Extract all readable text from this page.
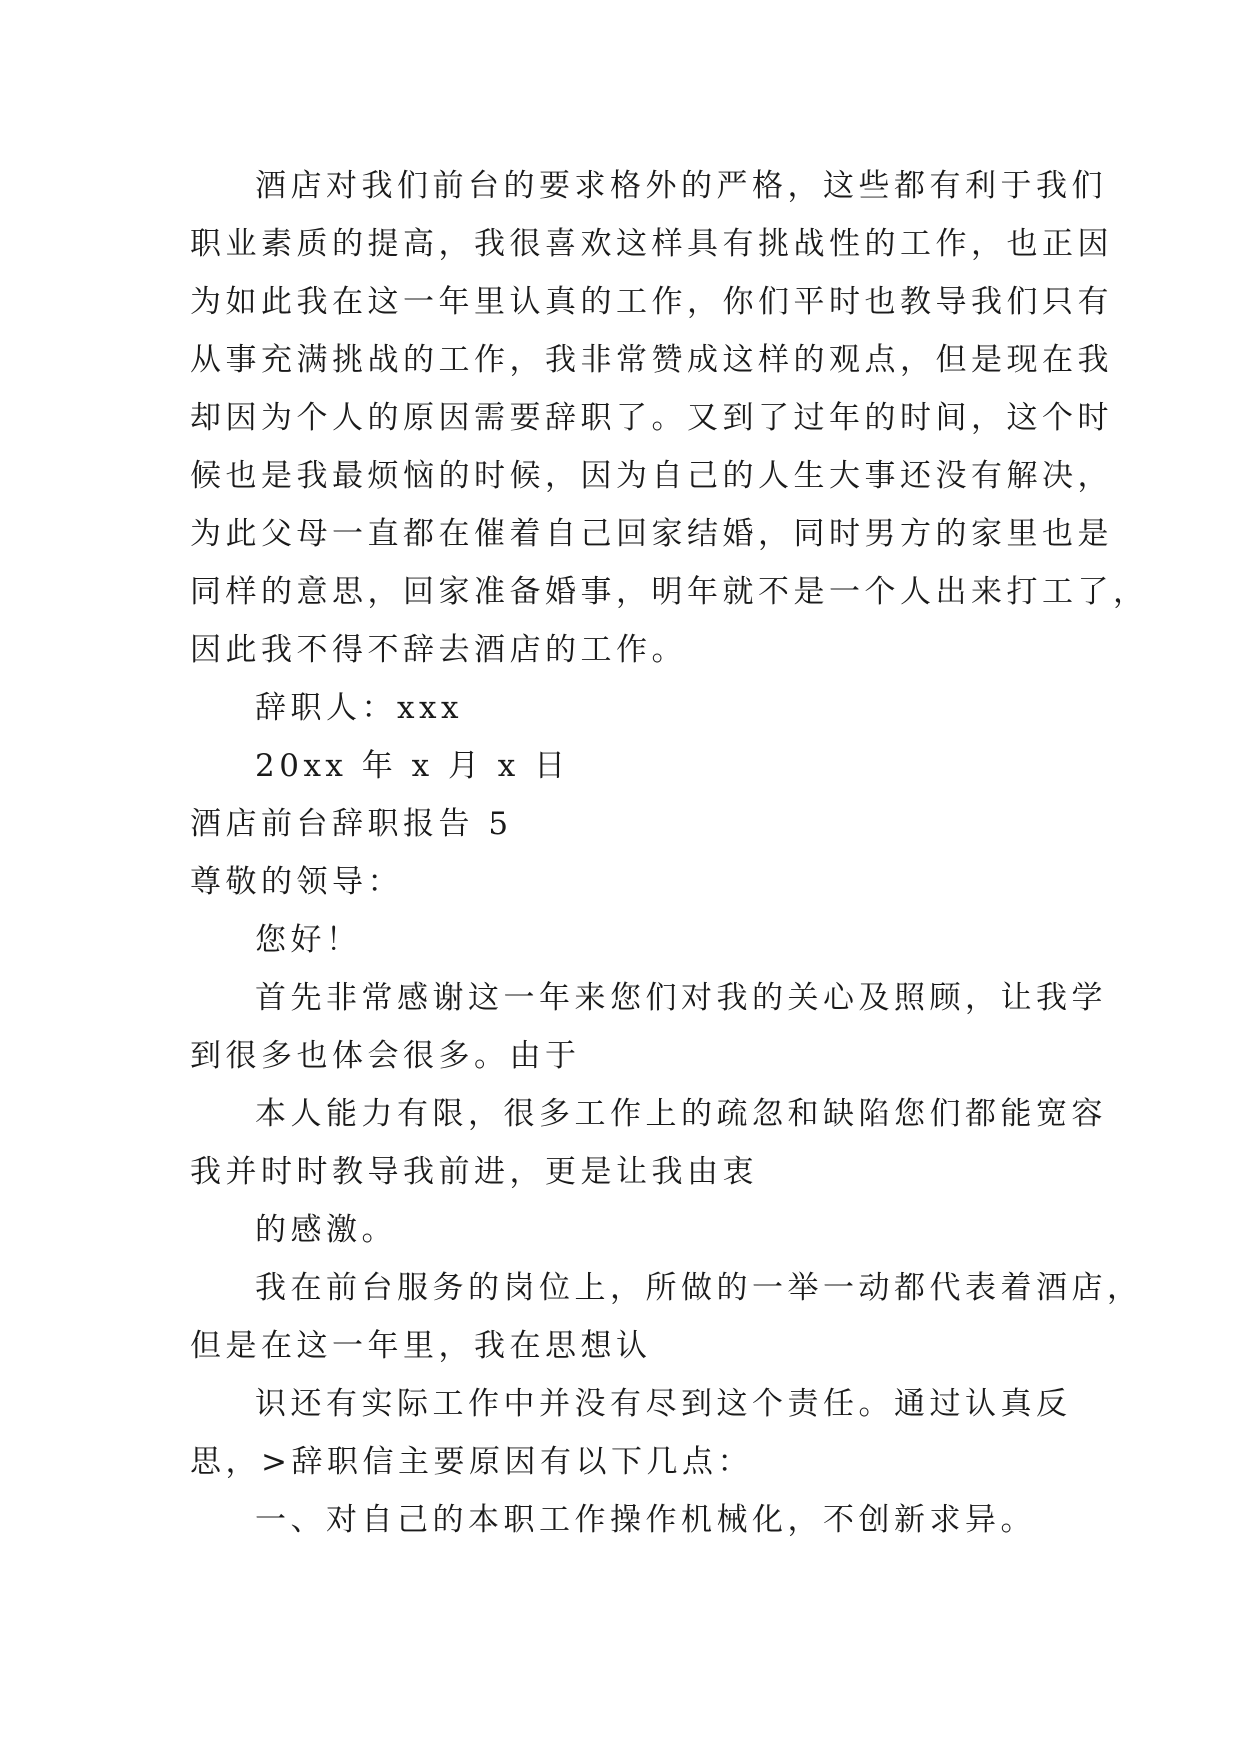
酒店对我们前台的要求格外的严格，这些都有利于我们
职业素质的提高，我很喜欢这样具有挑战性的工作，也正因
为如此我在这一年里认真的工作，你们平时也教导我们只有
从事充满挑战的工作，我非常赞成这样的观点，但是现在我
却因为个人的原因需要辞职了。又到了过年的时间，这个时
候也是我最烦恼的时候，因为自己的人生大事还没有解决，
为此父母一直都在催着自己回家结婚，同时男方的家里也是
同样的意思，回家准备婚事，明年就不是一个人出来打工了，
因此我不得不辞去酒店的工作。
辞职人：xxx
20xx 年 x 月 x 日
酒店前台辞职报告 5
尊敬的领导：
您好！
首先非常感谢这一年来您们对我的关心及照顾，让我学
到很多也体会很多。由于
本人能力有限，很多工作上的疏忽和缺陷您们都能宽容
我并时时教导我前进，更是让我由衷
的感激。
我在前台服务的岗位上，所做的一举一动都代表着酒店，
但是在这一年里，我在思想认
识还有实际工作中并没有尽到这个责任。通过认真反
思，>辞职信主要原因有以下几点：
一、对自己的本职工作操作机械化，不创新求异。
